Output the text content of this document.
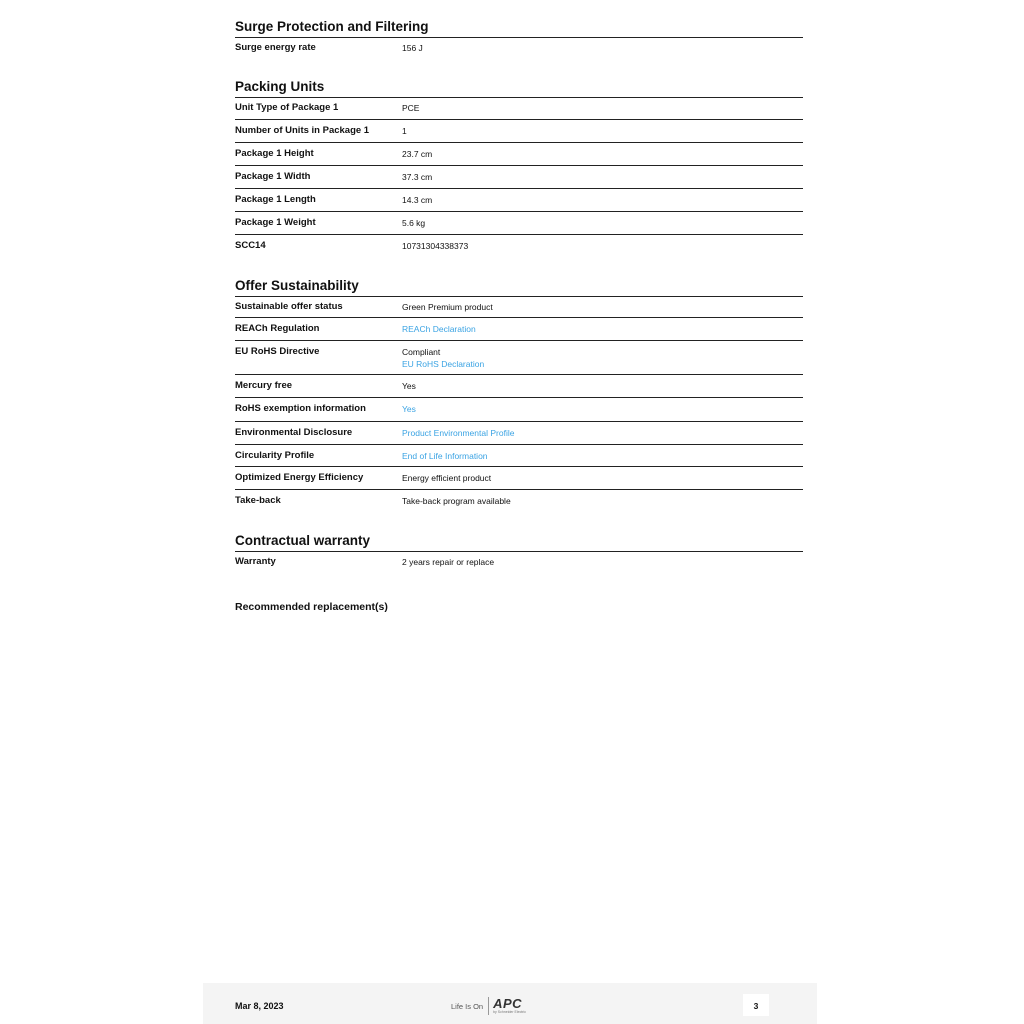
Surge Protection and Filtering
Surge energy rate	156 J
Packing Units
Unit Type of Package 1	PCE
Number of Units in Package 1	1
Package 1 Height	23.7 cm
Package 1 Width	37.3 cm
Package 1 Length	14.3 cm
Package 1 Weight	5.6 kg
SCC14	10731304338373
Offer Sustainability
Sustainable offer status	Green Premium product
REACh Regulation	REACh Declaration
EU RoHS Directive	Compliant
EU RoHS Declaration
Mercury free	Yes
RoHS exemption information	Yes
Environmental Disclosure	Product Environmental Profile
Circularity Profile	End of Life Information
Optimized Energy Efficiency	Energy efficient product
Take-back	Take-back program available
Contractual warranty
Warranty	2 years repair or replace
Recommended replacement(s)
Mar 8, 2023	Life Is On APC
by Schneider Electric
3
